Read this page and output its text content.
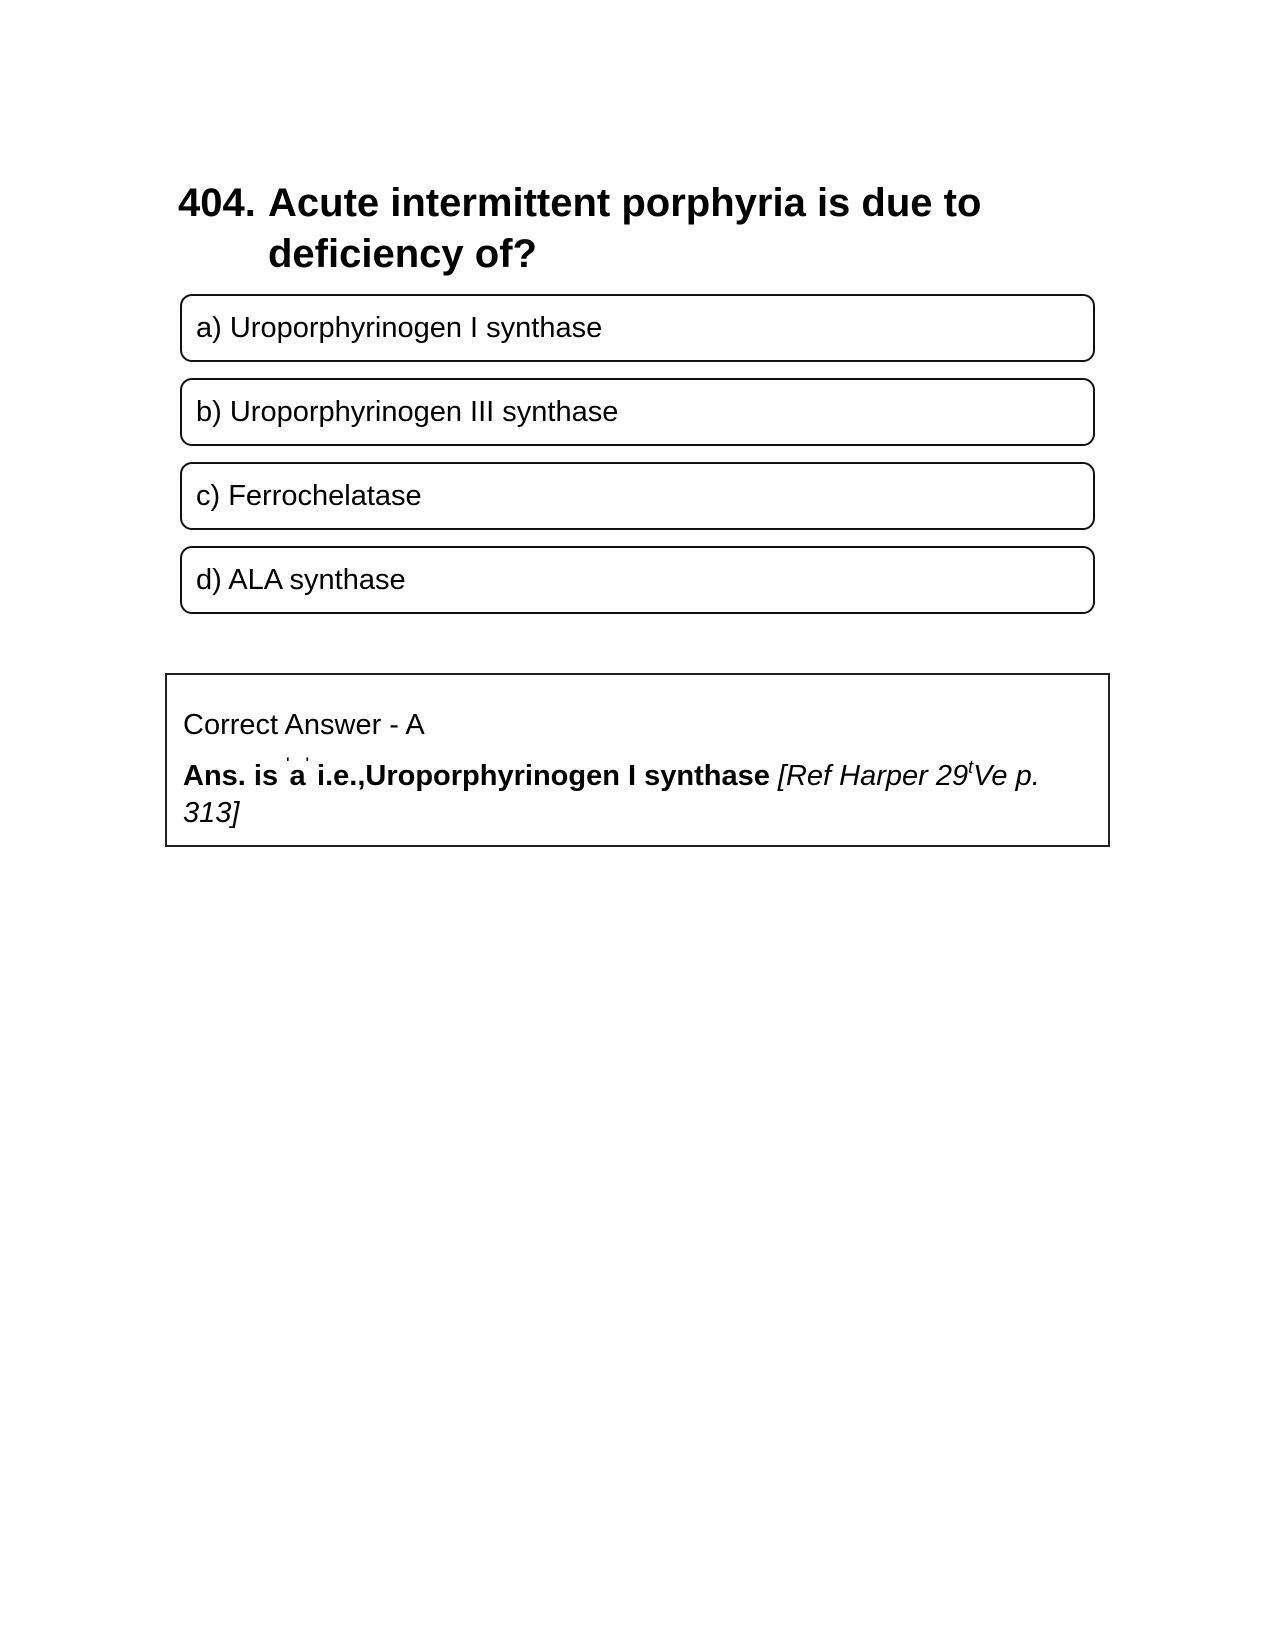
404. Acute intermittent porphyria is due to deficiency of?
a) Uroporphyrinogen I synthase
b) Uroporphyrinogen III synthase
c) Ferrochelatase
d) ALA synthase
Correct Answer - A
Ans. is 'a' i.e.,Uroporphyrinogen I synthase [Ref Harper 29$^t$Ve p. 313]
